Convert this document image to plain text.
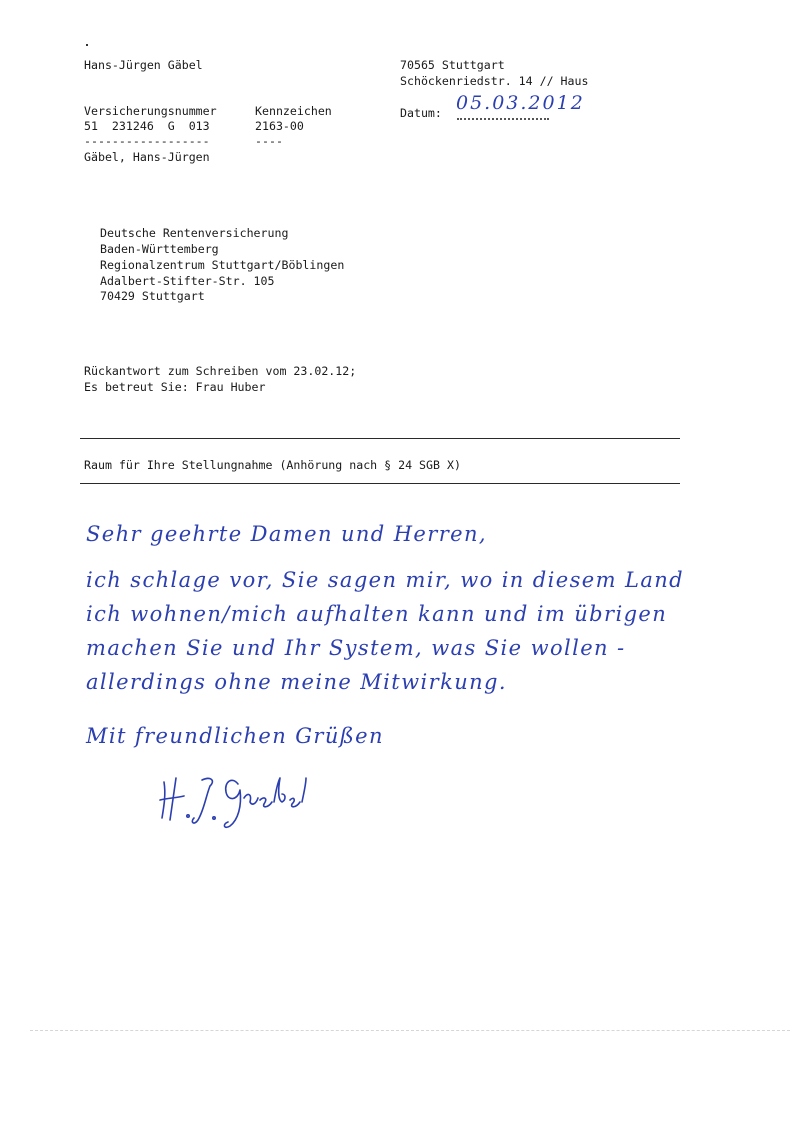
Hans-Jürgen Gäbel	70565 Stuttgart
Schöckenriedstr. 14 // Haus
Versicherungsnummer	Kennzeichen
51  231246  G  013	2163-00
------------------	----
Gäbel, Hans-Jürgen
Datum: 05.03.2012
Deutsche Rentenversicherung
Baden-Württemberg
Regionalzentrum Stuttgart/Böblingen
Adalbert-Stifter-Str. 105
70429 Stuttgart
Rückantwort zum Schreiben vom 23.02.12;
Es betreut Sie: Frau Huber
Raum für Ihre Stellungnahme (Anhörung nach § 24 SGB X)
Sehr geehrte Damen und Herren,
ich schlage vor, Sie sagen mir, wo in diesem Land
ich wohnen/mich aufhalten kann und im übrigen
machen Sie und Ihr System, was Sie wollen -
allerdings ohne meine Mitwirkung.
Mit freundlichen Grüßen
